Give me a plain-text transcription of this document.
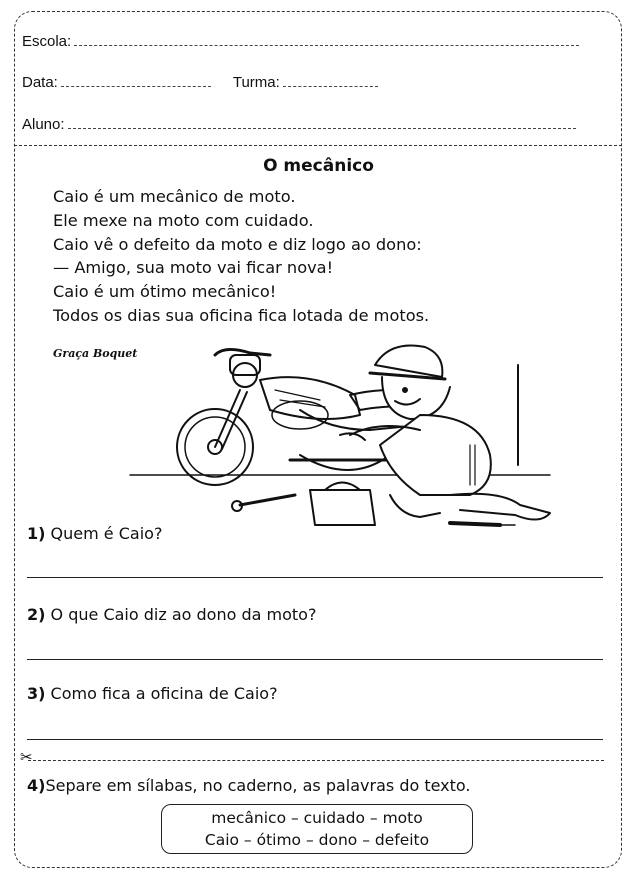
Escola:
Data:	Turma:
Aluno:
O mecânico
Caio é um mecânico de moto.
Ele mexe na moto com cuidado.
Caio vê o defeito da moto e diz logo ao dono:
— Amigo, sua moto vai ficar nova!
Caio é um ótimo mecânico!
Todos os dias sua oficina fica lotada de motos.
Graça Boquet
1) Quem é Caio?
2) O que Caio diz ao dono da moto?
3) Como fica a oficina de Caio?
✂
4)Separe em sílabas, no caderno, as palavras do texto.
mecânico – cuidado – moto
Caio – ótimo – dono – defeito
